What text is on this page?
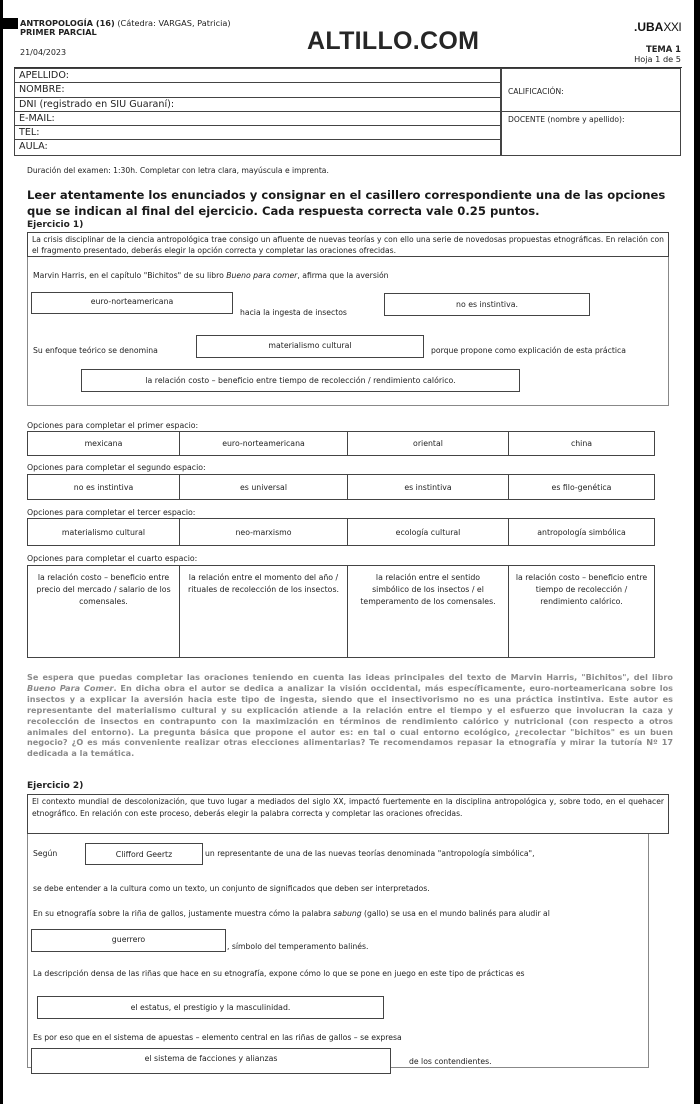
ANTROPOLOGÍA (16) (Cátedra: VARGAS, Patricia)
PRIMER PARCIAL
21/04/2023	ALTILLO.COM	.UBAXXI
TEMA 1
Hoja 1 de 5
APELLIDO:
NOMBRE:
DNI (registrado en SIU Guaraní):
E-MAIL:
TEL:
AULA:
CALIFICACIÓN:
DOCENTE (nombre y apellido):
Duración del examen: 1:30h. Completar con letra clara, mayúscula e imprenta.
Leer atentamente los enunciados y consignar en el casillero correspondiente una de las opciones que se indican al final del ejercicio. Cada respuesta correcta vale 0.25 puntos.
Ejercicio 1)
La crisis disciplinar de la ciencia antropológica trae consigo un afluente de nuevas teorías y con ello una serie de novedosas propuestas etnográficas. En relación con el fragmento presentado, deberás elegir la opción correcta y completar las oraciones ofrecidas.
Marvin Harris, en el capítulo "Bichitos" de su libro Bueno para comer, afirma que la aversión
euro-norteamericana
hacia la ingesta de insectos
no es instintiva.
Su enfoque teórico se denomina
materialismo cultural
porque propone como explicación de esta práctica
la relación costo – beneficio entre tiempo de recolección / rendimiento calórico.
Opciones para completar el primer espacio:
mexicana	euro-norteamericana	oriental	china
Opciones para completar el segundo espacio:
no es instintiva	es universal	es instintiva	es filo-genética
Opciones para completar el tercer espacio:
materialismo cultural	neo-marxismo	ecología cultural	antropología simbólica
Opciones para completar el cuarto espacio:
la relación costo – beneficio entre precio del mercado / salario de los comensales.	la relación entre el momento del año / rituales de recolección de los insectos.	la relación entre el sentido simbólico de los insectos / el temperamento de los comensales.	la relación costo – beneficio entre tiempo de recolección / rendimiento calórico.
Se espera que puedas completar las oraciones teniendo en cuenta las ideas principales del texto de Marvin Harris, "Bichitos", del libro Bueno Para Comer. En dicha obra el autor se dedica a analizar la visión occidental, más específicamente, euro-norteamericana sobre los insectos y a explicar la aversión hacia este tipo de ingesta, siendo que el insectivorismo no es una práctica instintiva. Este autor es representante del materialismo cultural y su explicación atiende a la relación entre el tiempo y el esfuerzo que involucran la caza y recolección de insectos en contrapunto con la maximización en términos de rendimiento calórico y nutricional (con respecto a otros animales del entorno). La pregunta básica que propone el autor es: en tal o cual entorno ecológico, ¿recolectar "bichitos" es un buen negocio? ¿O es más conveniente realizar otras elecciones alimentarias? Te recomendamos repasar la etnografía y mirar la tutoría Nº 17 dedicada a la temática.
Ejercicio 2)
El contexto mundial de descolonización, que tuvo lugar a mediados del siglo XX, impactó fuertemente en la disciplina antropológica y, sobre todo, en el quehacer etnográfico. En relación con este proceso, deberás elegir la palabra correcta y completar las oraciones ofrecidas.
Según	Clifford Geertz	un representante de una de las nuevas teorías denominada "antropología simbólica",
se debe entender a la cultura como un texto, un conjunto de significados que deben ser interpretados.
En su etnografía sobre la riña de gallos, justamente muestra cómo la palabra sabung (gallo) se usa en el mundo balinés para aludir al
guerrero
, símbolo del temperamento balinés.
La descripción densa de las riñas que hace en su etnografía, expone cómo lo que se pone en juego en este tipo de prácticas es
el estatus, el prestigio y la masculinidad.
Es por eso que en el sistema de apuestas – elemento central en las riñas de gallos – se expresa
el sistema de facciones y alianzas	de los contendientes.
